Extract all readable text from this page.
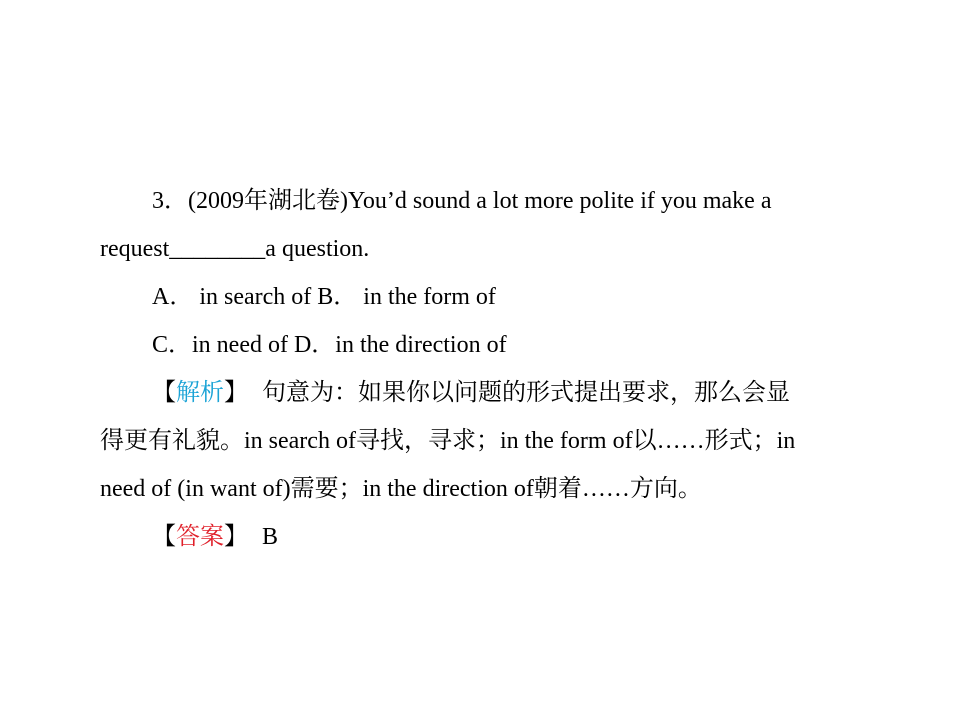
3．(2009年湖北卷)You’d sound a lot more polite if you make a
request________a question.
A． in search of B． in the form of
C．in need of D．in the direction of
【解析】 句意为：如果你以问题的形式提出要求，那么会显
得更有礼貌。in search of寻找，寻求；in the form of以……形式；in
need of (in want of)需要；in the direction of朝着……方向。
【答案】 B
